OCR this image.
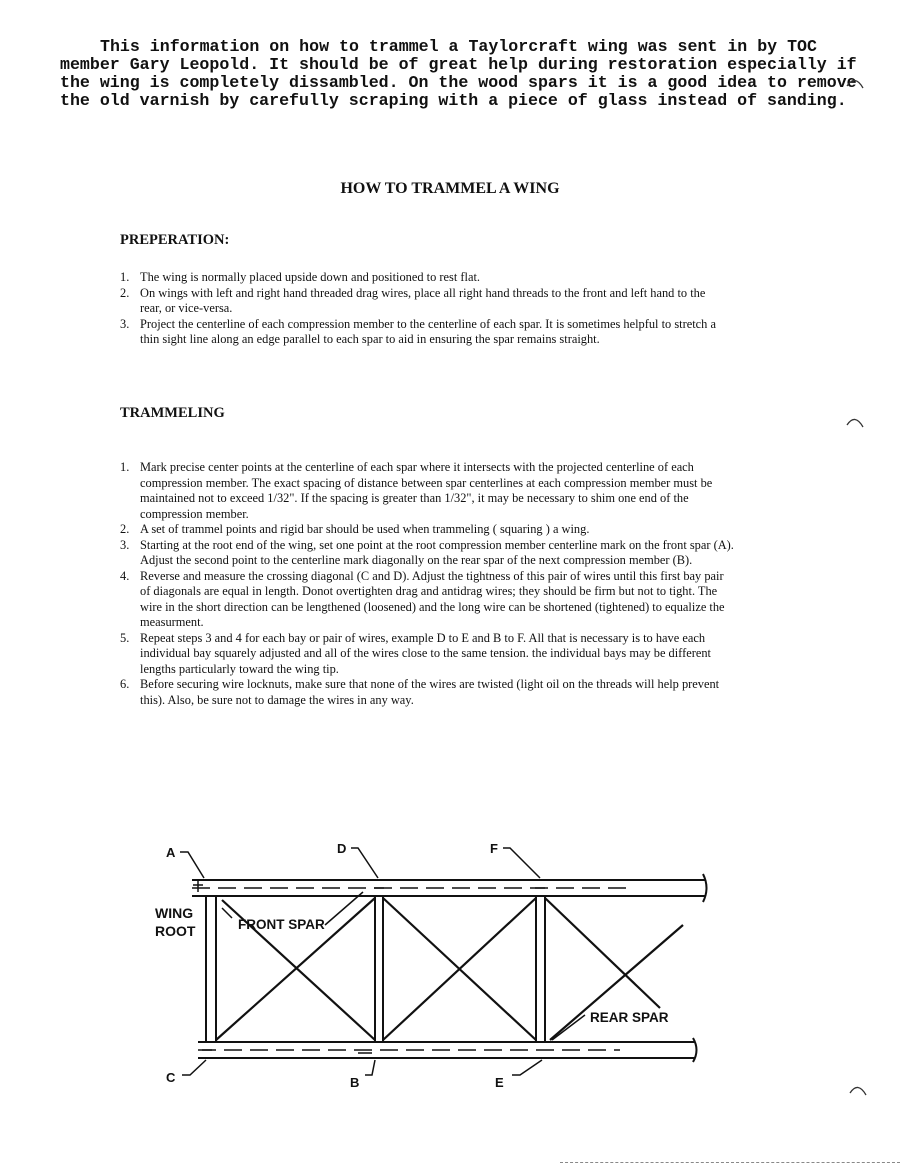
This information on how to trammel a Taylorcraft wing was sent in by TOC member Gary Leopold. It should be of great help during restoration especially if the wing is completely dissambled. On the wood spars it is a good idea to remove the old varnish by carefully scraping with a piece of glass instead of sanding.

HOW TO TRAMMEL A WING
PREPERATION:
1. The wing is normally placed upside down and positioned to rest flat.
2. On wings with left and right hand threaded drag wires, place all right hand threads to the front and left hand to the rear, or vice-versa.
3. Project the centerline of each compression member to the centerline of each spar. It is sometimes helpful to stretch a thin sight line along an edge parallel to each spar to aid in ensuring the spar remains straight.
TRAMMELING
1. Mark precise center points at the centerline of each spar where it intersects with the projected centerline of each compression member. The exact spacing of distance between spar centerlines at each compression member must be maintained not to exceed 1/32". If the spacing is greater than 1/32", it may be necessary to shim one end of the compression member.
2. A set of trammel points and rigid bar should be used when trammeling ( squaring ) a wing.
3. Starting at the root end of the wing, set one point at the root compression member centerline mark on the front spar (A). Adjust the second point to the centerline mark diagonally on the rear spar of the next compression member (B).
4. Reverse and measure the crossing diagonal (C and D). Adjust the tightness of this pair of wires until this first bay pair of diagonals are equal in length. Donot overtighten drag and antidrag wires; they should be firm but not to tight. The wire in the short direction can be lengthened (loosened) and the long wire can be shortened (tightened) to equalize the measurment.
5. Repeat steps 3 and 4 for each bay or pair of wires, example D to E and B to F. All that is necessary is to have each individual bay squarely adjusted and all of the wires close to the same tension. the individual bays may be different lengths particularly toward the wing tip.
6. Before securing wire locknuts, make sure that none of the wires are twisted (light oil on the threads will help prevent this). Also, be sure not to damage the wires in any way.
A	D	F
C	B	E
WING
ROOT	FRONT SPAR
REAR SPAR
